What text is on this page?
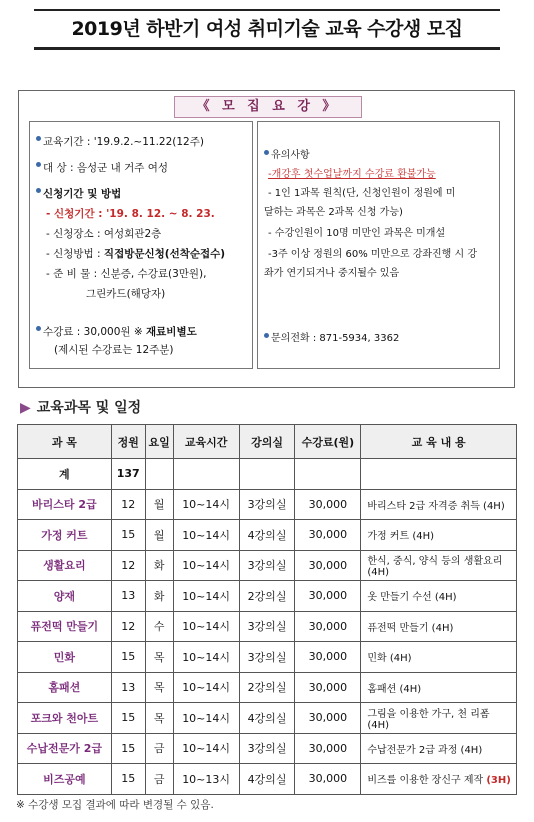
2019년 하반기 여성 취미기술 교육 수강생 모집
《 모 집 요 강 》
교육기간 : '19.9.2.~11.22(12주)
대 상 : 음성군 내 거주 여성
신청기간 및 방법
- 신청기간 : '19. 8. 12. ~ 8. 23.
- 신청장소 : 여성회관2층
- 신청방법 : 직접방문신청(선착순접수)
- 준 비 물 : 신분증, 수강료(3만원),
그린카드(해당자)
수강료 : 30,000원 ※ 재료비별도
(제시된 수강료는 12주분)
유의사항
-개강후 첫수업날까지 수강료 환불가능
- 1인 1과목 원칙(단, 신청인원이 정원에 미
달하는 과목은 2과목 신청 가능)
- 수강인원이 10명 미만인 과목은 미개설
-3주 이상 정원의 60% 미만으로 강좌진행 시 강
좌가 연기되거나 중지될수 있음
문의전화 : 871-5934, 3362
▶ 교육과목 및 일정
과 목	정원	요일	교육시간	강의실	수강료(원)	교 육 내 용
계	137					
바리스타 2급	12	월	10~14시	3강의실	30,000	바리스타 2급 자격증 취득 (4H)
가정 커트	15	월	10~14시	4강의실	30,000	가정 커트 (4H)
생활요리	12	화	10~14시	3강의실	30,000	한식, 중식, 양식 등의 생활요리 (4H)
양재	13	화	10~14시	2강의실	30,000	옷 만들기 수선 (4H)
퓨전떡 만들기	12	수	10~14시	3강의실	30,000	퓨전떡 만들기 (4H)
민화	15	목	10~14시	3강의실	30,000	민화 (4H)
홈패션	13	목	10~14시	2강의실	30,000	홈패션 (4H)
포크와 천아트	15	목	10~14시	4강의실	30,000	그림을 이용한 가구, 천 리폼 (4H)
수납전문가 2급	15	금	10~14시	3강의실	30,000	수납전문가 2급 과정 (4H)
비즈공예	15	금	10~13시	4강의실	30,000	비즈를 이용한 장신구 제작 (3H)
※ 수강생 모집 결과에 따라 변경될 수 있음.
